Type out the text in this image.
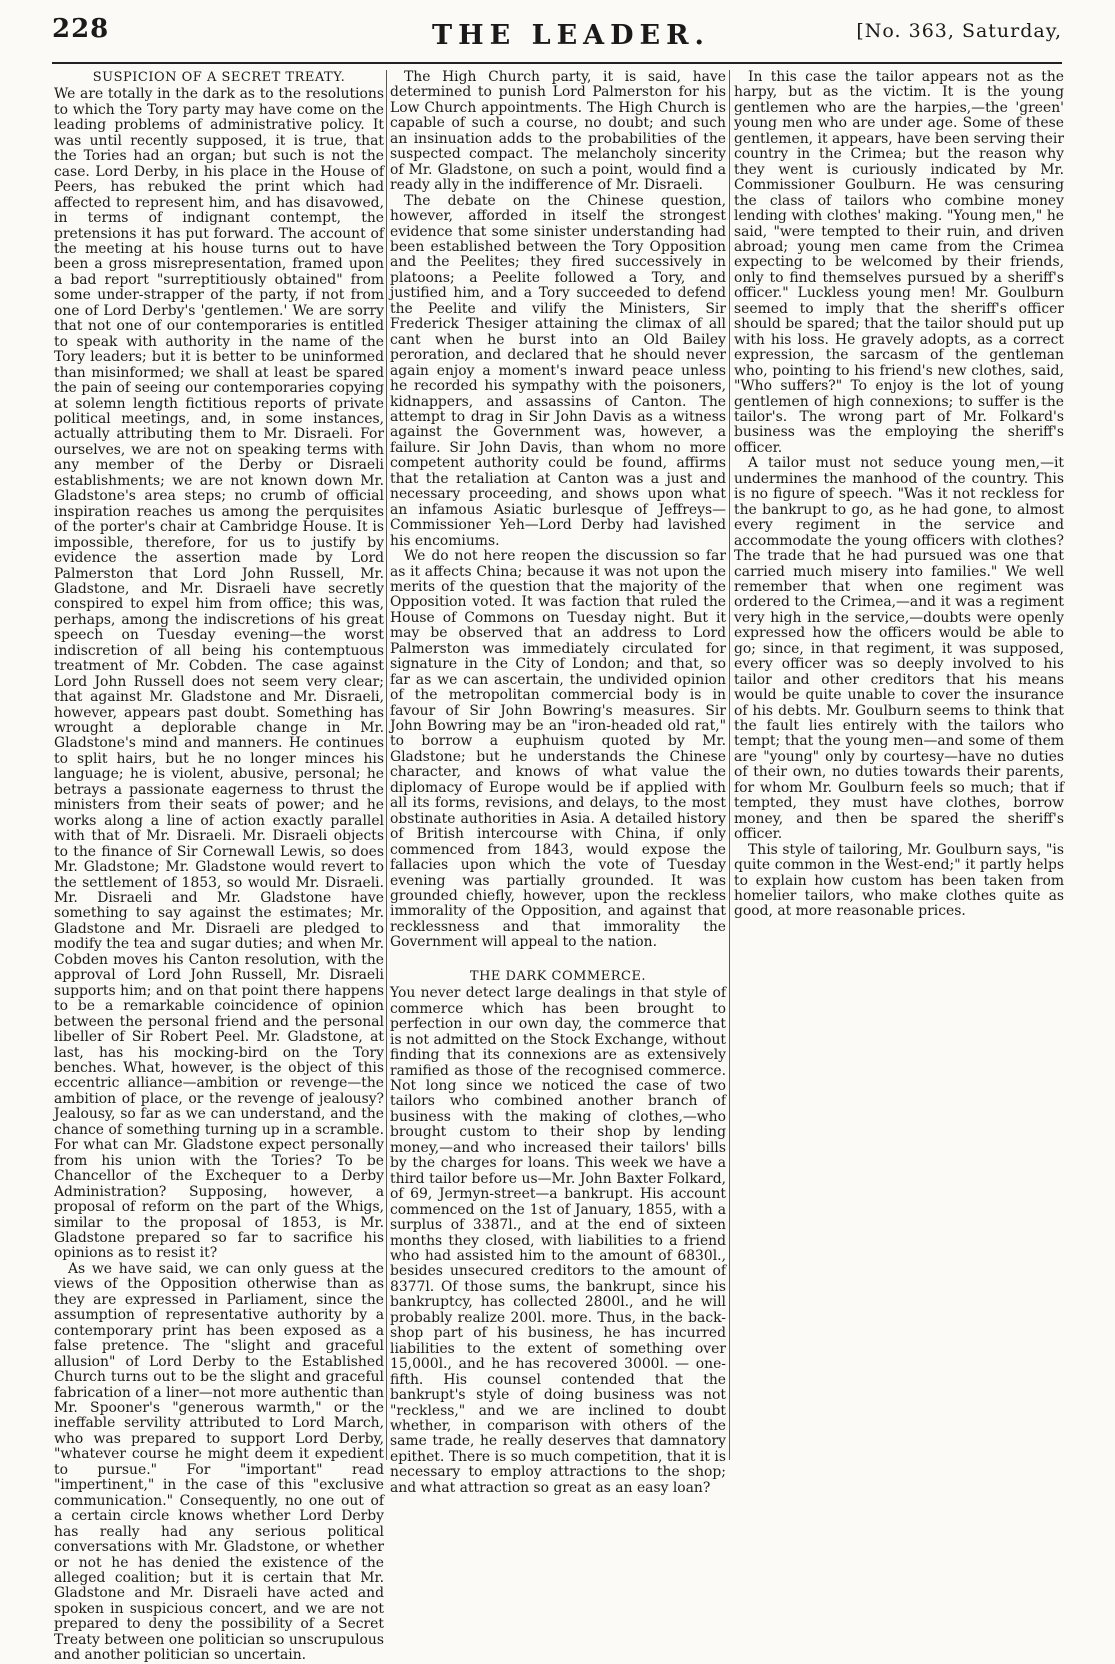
228	THE LEADER.	[No. 363, Saturday,
SUSPICION OF A SECRET TREATY.

We are totally in the dark as to the resolutions to which the Tory party may have come on the leading problems of administrative policy. It was until recently supposed, it is true, that the Tories had an organ; but such is not the case. Lord Derby, in his place in the House of Peers, has rebuked the print which had affected to represent him, and has disavowed, in terms of indignant contempt, the pretensions it has put forward. The account of the meeting at his house turns out to have been a gross misrepresentation, framed upon a bad report "surreptitiously obtained" from some under-strapper of the party, if not from one of Lord Derby's 'gentlemen.' We are sorry that not one of our contemporaries is entitled to speak with authority in the name of the Tory leaders; but it is better to be uninformed than misinformed; we shall at least be spared the pain of seeing our contemporaries copying at solemn length fictitious reports of private political meetings, and, in some instances, actually attributing them to Mr. Disraeli. For ourselves, we are not on speaking terms with any member of the Derby or Disraeli establishments; we are not known down Mr. Gladstone's area steps; no crumb of official inspiration reaches us among the perquisites of the porter's chair at Cambridge House. It is impossible, therefore, for us to justify by evidence the assertion made by Lord Palmerston that Lord John Russell, Mr. Gladstone, and Mr. Disraeli have secretly conspired to expel him from office; this was, perhaps, among the indiscretions of his great speech on Tuesday evening—the worst indiscretion of all being his contemptuous treatment of Mr. Cobden. The case against Lord John Russell does not seem very clear; that against Mr. Gladstone and Mr. Disraeli, however, appears past doubt. Something has wrought a deplorable change in Mr. Gladstone's mind and manners. He continues to split hairs, but he no longer minces his language; he is violent, abusive, personal; he betrays a passionate eagerness to thrust the ministers from their seats of power; and he works along a line of action exactly parallel with that of Mr. Disraeli. Mr. Disraeli objects to the finance of Sir Cornewall Lewis, so does Mr. Gladstone; Mr. Gladstone would revert to the settlement of 1853, so would Mr. Disraeli. Mr. Disraeli and Mr. Gladstone have something to say against the estimates; Mr. Gladstone and Mr. Disraeli are pledged to modify the tea and sugar duties; and when Mr. Cobden moves his Canton resolution, with the approval of Lord John Russell, Mr. Disraeli supports him; and on that point there happens to be a remarkable coincidence of opinion between the personal friend and the personal libeller of Sir Robert Peel. Mr. Gladstone, at last, has his mocking-bird on the Tory benches. What, however, is the object of this eccentric alliance—ambition or revenge—the ambition of place, or the revenge of jealousy? Jealousy, so far as we can understand, and the chance of something turning up in a scramble. For what can Mr. Gladstone expect personally from his union with the Tories? To be Chancellor of the Exchequer to a Derby Administration? Supposing, however, a proposal of reform on the part of the Whigs, similar to the proposal of 1853, is Mr. Gladstone prepared so far to sacrifice his opinions as to resist it?

As we have said, we can only guess at the views of the Opposition otherwise than as they are expressed in Parliament, since the assumption of representative authority by a contemporary print has been exposed as a false pretence. The "slight and graceful allusion" of Lord Derby to the Established Church turns out to be the slight and graceful fabrication of a liner—not more authentic than Mr. Spooner's "generous warmth," or the ineffable servility attributed to Lord March, who was prepared to support Lord Derby, "whatever course he might deem it expedient to pursue." For "important" read "impertinent," in the case of this "exclusive communication." Consequently, no one out of a certain circle knows whether Lord Derby has really had any serious political conversations with Mr. Gladstone, or whether or not he has denied the existence of the alleged coalition; but it is certain that Mr. Gladstone and Mr. Disraeli have acted and spoken in suspicious concert, and we are not prepared to deny the possibility of a Secret Treaty between one politician so unscrupulous and another politician so uncertain.

The High Church party, it is said, have determined to punish Lord Palmerston for his Low Church appointments. The High Church is capable of such a course, no doubt; and such an insinuation adds to the probabilities of the suspected compact. The melancholy sincerity of Mr. Gladstone, on such a point, would find a ready ally in the indifference of Mr. Disraeli.

The debate on the Chinese question, however, afforded in itself the strongest evidence that some sinister understanding had been established between the Tory Opposition and the Peelites; they fired successively in platoons; a Peelite followed a Tory, and justified him, and a Tory succeeded to defend the Peelite and vilify the Ministers, Sir Frederick Thesiger attaining the climax of all cant when he burst into an Old Bailey peroration, and declared that he should never again enjoy a moment's inward peace unless he recorded his sympathy with the poisoners, kidnappers, and assassins of Canton. The attempt to drag in Sir John Davis as a witness against the Government was, however, a failure. Sir John Davis, than whom no more competent authority could be found, affirms that the retaliation at Canton was a just and necessary proceeding, and shows upon what an infamous Asiatic burlesque of Jeffreys—Commissioner Yeh—Lord Derby had lavished his encomiums.

We do not here reopen the discussion so far as it affects China; because it was not upon the merits of the question that the majority of the Opposition voted. It was faction that ruled the House of Commons on Tuesday night. But it may be observed that an address to Lord Palmerston was immediately circulated for signature in the City of London; and that, so far as we can ascertain, the undivided opinion of the metropolitan commercial body is in favour of Sir John Bowring's measures. Sir John Bowring may be an "iron-headed old rat," to borrow a euphuism quoted by Mr. Gladstone; but he understands the Chinese character, and knows of what value the diplomacy of Europe would be if applied with all its forms, revisions, and delays, to the most obstinate authorities in Asia. A detailed history of British intercourse with China, if only commenced from 1843, would expose the fallacies upon which the vote of Tuesday evening was partially grounded. It was grounded chiefly, however, upon the reckless immorality of the Opposition, and against that recklessness and that immorality the Government will appeal to the nation.

THE DARK COMMERCE.

You never detect large dealings in that style of commerce which has been brought to perfection in our own day, the commerce that is not admitted on the Stock Exchange, without finding that its connexions are as extensively ramified as those of the recognised commerce. Not long since we noticed the case of two tailors who combined another branch of business with the making of clothes,—who brought custom to their shop by lending money,—and who increased their tailors' bills by the charges for loans. This week we have a third tailor before us—Mr. John Baxter Folkard, of 69, Jermyn-street—a bankrupt. His account commenced on the 1st of January, 1855, with a surplus of 3387l., and at the end of sixteen months they closed, with liabilities to a friend who had assisted him to the amount of 6830l., besides unsecured creditors to the amount of 8377l. Of those sums, the bankrupt, since his bankruptcy, has collected 2800l., and he will probably realize 200l. more. Thus, in the back-shop part of his business, he has incurred liabilities to the extent of something over 15,000l., and he has recovered 3000l. — one-fifth. His counsel contended that the bankrupt's style of doing business was not "reckless," and we are inclined to doubt whether, in comparison with others of the same trade, he really deserves that damnatory epithet. There is so much competition, that it is necessary to employ attractions to the shop; and what attraction so great as an easy loan?

In this case the tailor appears not as the harpy, but as the victim. It is the young gentlemen who are the harpies,—the 'green' young men who are under age. Some of these gentlemen, it appears, have been serving their country in the Crimea; but the reason why they went is curiously indicated by Mr. Commissioner Goulburn. He was censuring the class of tailors who combine money lending with clothes' making. "Young men," he said, "were tempted to their ruin, and driven abroad; young men came from the Crimea expecting to be welcomed by their friends, only to find themselves pursued by a sheriff's officer." Luckless young men! Mr. Goulburn seemed to imply that the sheriff's officer should be spared; that the tailor should put up with his loss. He gravely adopts, as a correct expression, the sarcasm of the gentleman who, pointing to his friend's new clothes, said, "Who suffers?" To enjoy is the lot of young gentlemen of high connexions; to suffer is the tailor's. The wrong part of Mr. Folkard's business was the employing the sheriff's officer.

A tailor must not seduce young men,—it undermines the manhood of the country. This is no figure of speech. "Was it not reckless for the bankrupt to go, as he had gone, to almost every regiment in the service and accommodate the young officers with clothes? The trade that he had pursued was one that carried much misery into families." We well remember that when one regiment was ordered to the Crimea,—and it was a regiment very high in the service,—doubts were openly expressed how the officers would be able to go; since, in that regiment, it was supposed, every officer was so deeply involved to his tailor and other creditors that his means would be quite unable to cover the insurance of his debts. Mr. Goulburn seems to think that the fault lies entirely with the tailors who tempt; that the young men—and some of them are "young" only by courtesy—have no duties of their own, no duties towards their parents, for whom Mr. Goulburn feels so much; that if tempted, they must have clothes, borrow money, and then be spared the sheriff's officer.

This style of tailoring, Mr. Goulburn says, "is quite common in the West-end;" it partly helps to explain how custom has been taken from homelier tailors, who make clothes quite as good, at more reasonable prices.
